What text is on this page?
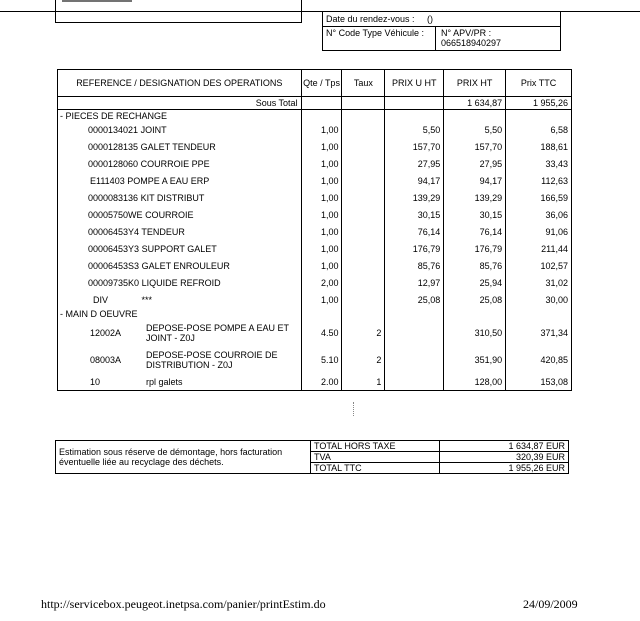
Date du rendez-vous : ()
N° Code Type Véhicule : N° APV/PR :
066518940297
REFERENCE / DESIGNATION DES OPERATIONS	Qte / Tps	Taux	PRIX U HT	PRIX HT	Prix TTC
Sous Total				1 634,87	1 955,26
- PIECES DE RECHANGE					
0000134021 JOINT	1,00		5,50	5,50	6,58
0000128135 GALET TENDEUR	1,00		157,70	157,70	188,61
0000128060 COURROIE PPE	1,00		27,95	27,95	33,43
E111403 POMPE A EAU ERP	1,00		94,17	94,17	112,63
0000083136 KIT DISTRIBUT	1,00		139,29	139,29	166,59
00005750WE COURROIE	1,00		30,15	30,15	36,06
00006453Y4 TENDEUR	1,00		76,14	76,14	91,06
00006453Y3 SUPPORT GALET	1,00		176,79	176,79	211,44
00006453S3 GALET ENROULEUR	1,00		85,76	85,76	102,57
00009735K0 LIQUIDE REFROID	2,00		12,97	25,94	31,02
DIV ***	1,00		25,08	25,08	30,00
- MAIN D OEUVRE					
12002A DEPOSE-POSE POMPE A EAU ET JOINT - Z0J	4.50	2		310,50	371,34
08003A DEPOSE-POSE COURROIE DE DISTRIBUTION - Z0J	5.10	2		351,90	420,85
10 rpl galets	2.00	1		128,00	153,08
Estimation sous réserve de démontage, hors facturation éventuelle liée au recyclage des déchets.	TOTAL HORS TAXE	1 634,87 EUR
	TVA	320,39 EUR
	TOTAL TTC	1 955,26 EUR
http://servicebox.peugeot.inetpsa.com/panier/printEstim.do	24/09/2009
